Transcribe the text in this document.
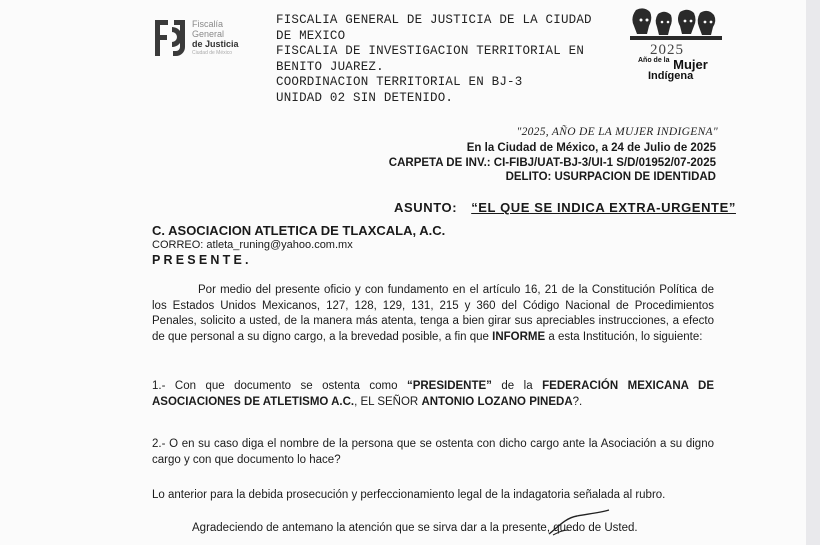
Fiscalía
General
de Justicia
Ciudad de México
FISCALIA GENERAL DE JUSTICIA DE LA CIUDAD
DE MEXICO
FISCALIA DE INVESTIGACION TERRITORIAL EN
BENITO JUAREZ.
COORDINACION TERRITORIAL EN BJ-3
UNIDAD 02 SIN DETENIDO.
2025
$^{Año de la}$ Mujer
Indígena
"2025, AÑO DE LA MUJER INDIGENA"
En la Ciudad de México, a 24 de Julio de 2025
CARPETA DE INV.: CI-FIBJ/UAT-BJ-3/UI-1 S/D/01952/07-2025
DELITO: USURPACION DE IDENTIDAD
ASUNTO: “EL QUE SE INDICA EXTRA-URGENTE”
C. ASOCIACION ATLETICA DE TLAXCALA, A.C.
CORREO: atleta_runing@yahoo.com.mx
PRESENTE.
Por medio del presente oficio y con fundamento en el artículo 16, 21 de la Constitución Política de los Estados Unidos Mexicanos, 127, 128, 129, 131, 215 y 360 del Código Nacional de Procedimientos Penales, solicito a usted, de la manera más atenta, tenga a bien girar sus apreciables instrucciones, a efecto de que personal a su digno cargo, a la brevedad posible, a fin que INFORME a esta Institución, lo siguiente:
1.- Con que documento se ostenta como “PRESIDENTE” de la FEDERACIÓN MEXICANA DE ASOCIACIONES DE ATLETISMO A.C., EL SEÑOR ANTONIO LOZANO PINEDA?.
2.- O en su caso diga el nombre de la persona que se ostenta con dicho cargo ante la Asociación a su digno cargo y con que documento lo hace?
Lo anterior para la debida prosecución y perfeccionamiento legal de la indagatoria señalada al rubro.
Agradeciendo de antemano la atención que se sirva dar a la presente, quedo de Usted.
